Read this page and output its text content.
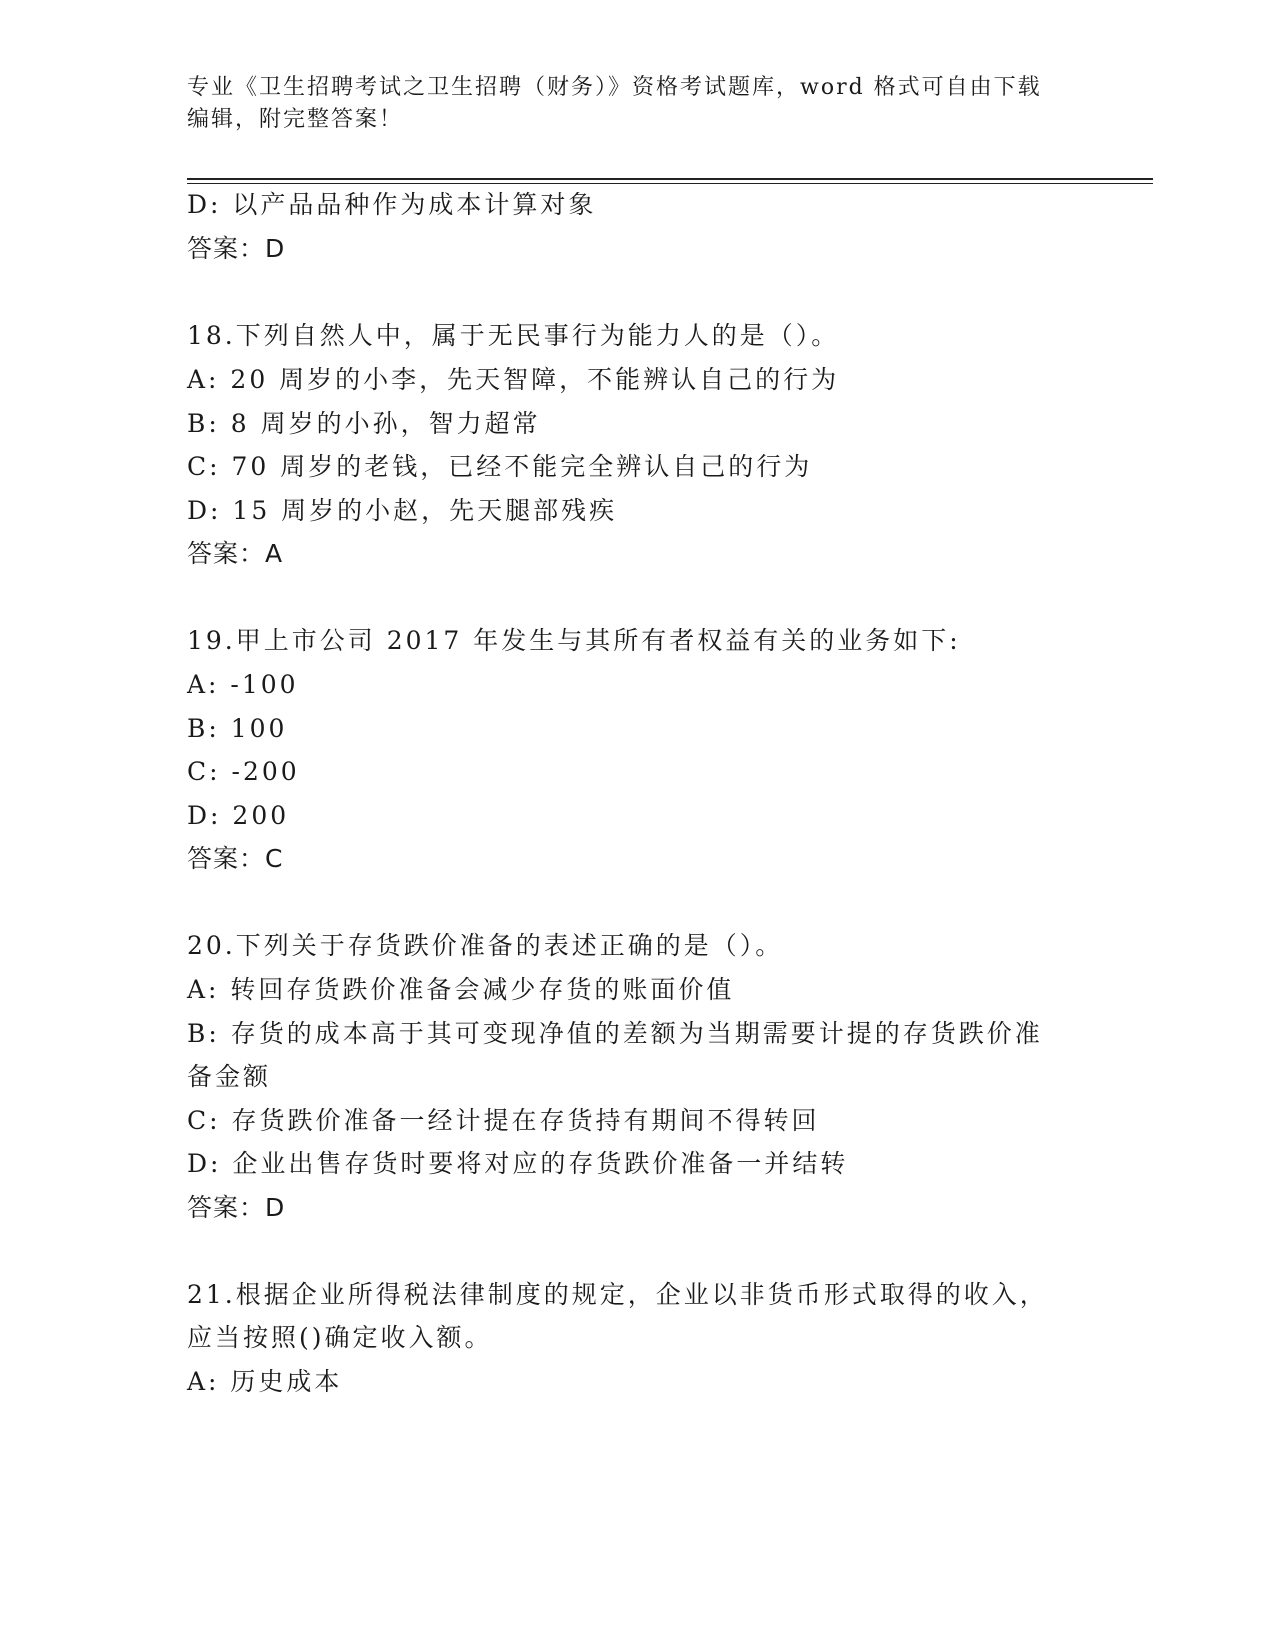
专业《卫生招聘考试之卫生招聘（财务）》资格考试题库，word 格式可自由下载
编辑，附完整答案！
D: 以产品品种作为成本计算对象
答案：D
18.下列自然人中，属于无民事行为能力人的是（）。
A: 20 周岁的小李，先天智障，不能辨认自己的行为
B: 8 周岁的小孙，智力超常
C: 70 周岁的老钱，已经不能完全辨认自己的行为
D: 15 周岁的小赵，先天腿部残疾
答案：A
19.甲上市公司 2017 年发生与其所有者权益有关的业务如下:
A: -100
B: 100
C: -200
D: 200
答案：C
20.下列关于存货跌价准备的表述正确的是（）。
A: 转回存货跌价准备会减少存货的账面价值
B: 存货的成本高于其可变现净值的差额为当期需要计提的存货跌价准
备金额
C: 存货跌价准备一经计提在存货持有期间不得转回
D: 企业出售存货时要将对应的存货跌价准备一并结转
答案：D
21.根据企业所得税法律制度的规定，企业以非货币形式取得的收入，
应当按照()确定收入额。
A: 历史成本
